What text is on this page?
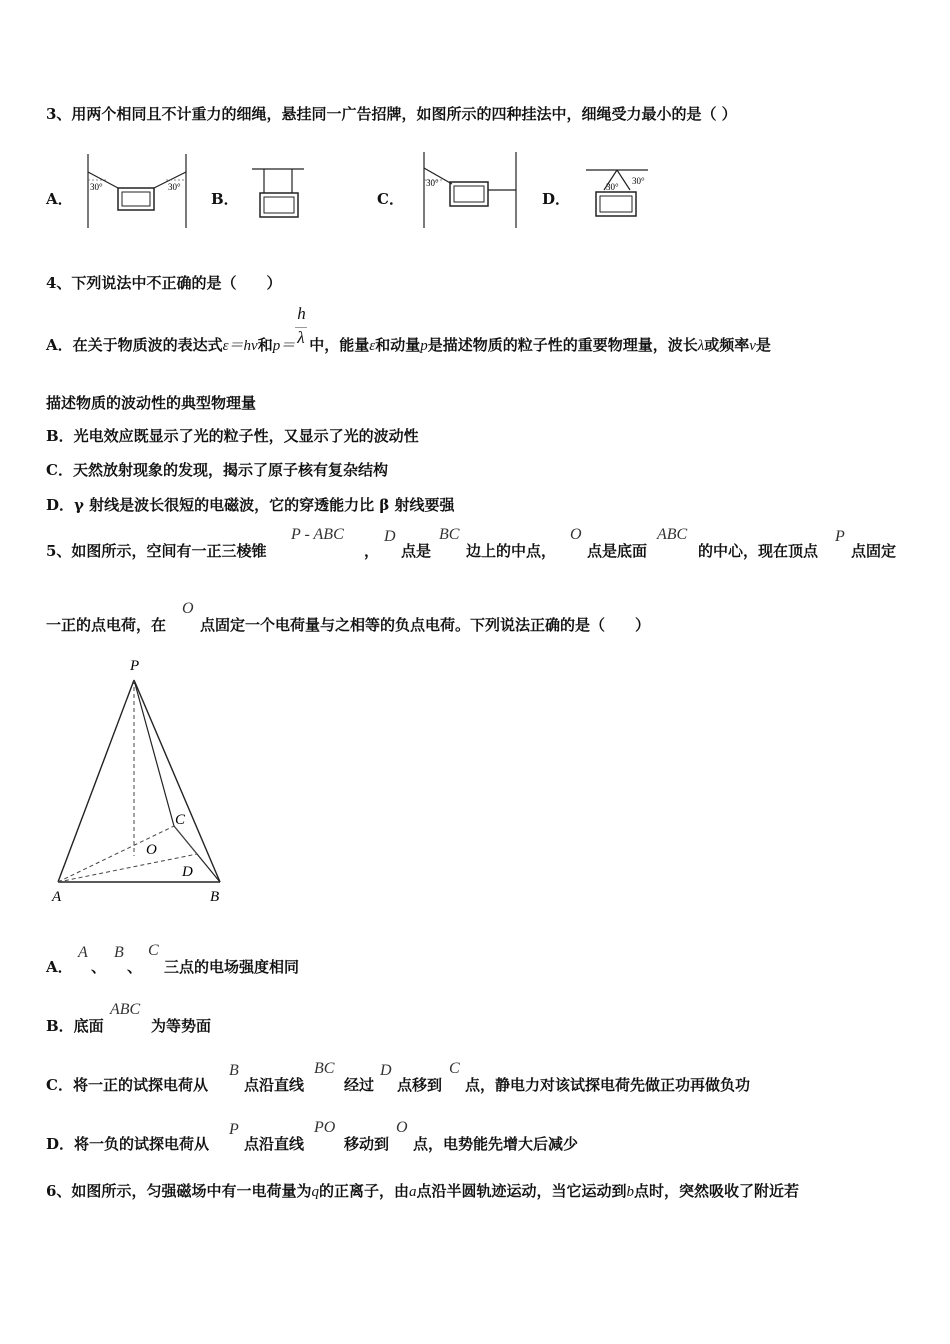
3、用两个相同且不计重力的细绳，悬挂同一广告招牌，如图所示的四种挂法中，细绳受力最小的是（ ）
A．
30°	30°
B．	C．
30°
D．
30°
30°
4、下列说法中不正确的是（　　）
A．在关于物质波的表达式ε＝hν和$p= \frac{h}{\lambda}$ 中，能量ε和动量p是描述物质的粒子性的重要物理量，波长λ或频率ν是
描述物质的波动性的典型物理量
B．光电效应既显示了光的粒子性，又显示了光的波动性
C．天然放射现象的发现，揭示了原子核有复杂结构
D．γ 射线是波长很短的电磁波，它的穿透能力比 β 射线要强
5、如图所示，空间有一正三棱锥
P - ABC
，
D
点是
BC
边上的中点，
O
点是底面
ABC
的中心，现在顶点
P
点固定
一正的点电荷，在
O
点固定一个电荷量与之相等的负点电荷。下列说法正确的是（　　）
P
C
O
D
A	B
A．
A
、
B
、
C
三点的电场强度相同
B．底面
ABC
为等势面
C．将一正的试探电荷从
B
点沿直线
BC
经过
D
点移到
C
点，静电力对该试探电荷先做正功再做负功
D．将一负的试探电荷从
P
点沿直线
PO
移动到
O
点，电势能先增大后减少
6、如图所示，匀强磁场中有一电荷量为q的正离子，由a点沿半圆轨迹运动，当它运动到b点时，突然吸收了附近若
